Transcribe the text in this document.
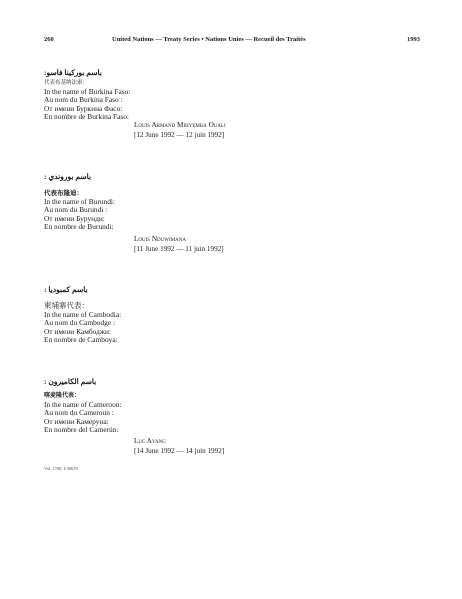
260	United Nations — Treaty Series • Nations Unies — Recueil des Traités	1993
باسم بوركينا فاسو:
代表布基纳法索：
In the name of Burkina Faso:
Au nom du Burkina Faso :
От имени Буркина Фасо:
En nombre de Burkina Faso:
Louis Armand Mihyemba Ouali
[12 June 1992 — 12 juin 1992]
باسم بوروندي :
代表布隆迪：
In the name of Burundi:
Au nom du Burundi :
От имени Бурунди:
En nombre de Burundi:
Louis Nduwimana
[11 June 1992 — 11 juin 1992]
باسم كمبوديا :
柬埔寨代表：
In the name of Cambodia:
Au nom du Cambodge :
От имени Камбоджи:
En nombre de Camboya:
باسم الكاميرون :
喀麦隆代表：
In the name of Cameroon:
Au nom du Cameroun :
От имени Камеруна:
En nombre del Camerún:
Luc Ayang
[14 June 1992 — 14 juin 1992]
Vol. 1760, I-30619
